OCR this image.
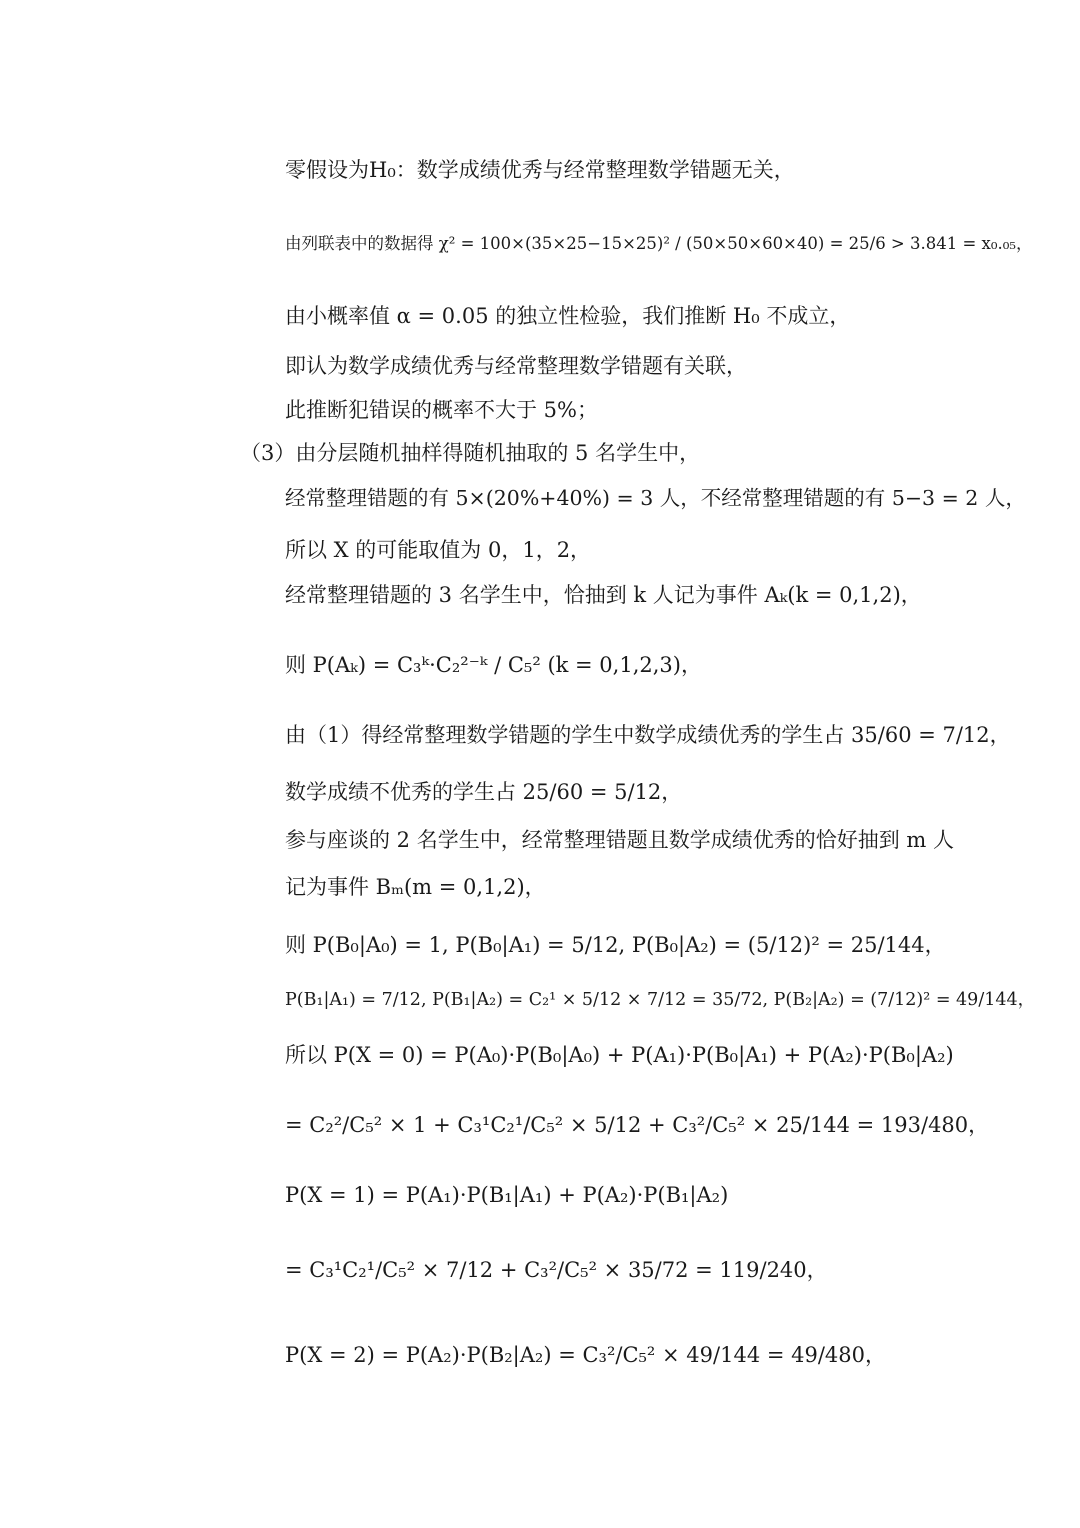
零假设为H₀：数学成绩优秀与经常整理数学错题无关，
由列联表中的数据得 χ² = 100×(35×25−15×25)² / (50×50×60×40) = 25/6 > 3.841 = x₀.₀₅，
由小概率值 α = 0.05 的独立性检验，我们推断 H₀ 不成立，
即认为数学成绩优秀与经常整理数学错题有关联，
此推断犯错误的概率不大于 5%；
（3）由分层随机抽样得随机抽取的 5 名学生中，
经常整理错题的有 5×(20%+40%) = 3 人，不经常整理错题的有 5−3 = 2 人，
所以 X 的可能取值为 0，1，2，
经常整理错题的 3 名学生中，恰抽到 k 人记为事件 Aₖ(k = 0,1,2)，
则 P(Aₖ) = C₃ᵏ·C₂²⁻ᵏ / C₅² (k = 0,1,2,3)，
由（1）得经常整理数学错题的学生中数学成绩优秀的学生占 35/60 = 7/12，
数学成绩不优秀的学生占 25/60 = 5/12，
参与座谈的 2 名学生中，经常整理错题且数学成绩优秀的恰好抽到 m 人
记为事件 Bₘ(m = 0,1,2)，
则 P(B₀|A₀) = 1, P(B₀|A₁) = 5/12, P(B₀|A₂) = (5/12)² = 25/144，
P(B₁|A₁) = 7/12, P(B₁|A₂) = C₂¹ × 5/12 × 7/12 = 35/72, P(B₂|A₂) = (7/12)² = 49/144，
所以 P(X = 0) = P(A₀)·P(B₀|A₀) + P(A₁)·P(B₀|A₁) + P(A₂)·P(B₀|A₂)
= C₂²/C₅² × 1 + C₃¹C₂¹/C₅² × 5/12 + C₃²/C₅² × 25/144 = 193/480，
P(X = 1) = P(A₁)·P(B₁|A₁) + P(A₂)·P(B₁|A₂)
= C₃¹C₂¹/C₅² × 7/12 + C₃²/C₅² × 35/72 = 119/240，
P(X = 2) = P(A₂)·P(B₂|A₂) = C₃²/C₅² × 49/144 = 49/480，
